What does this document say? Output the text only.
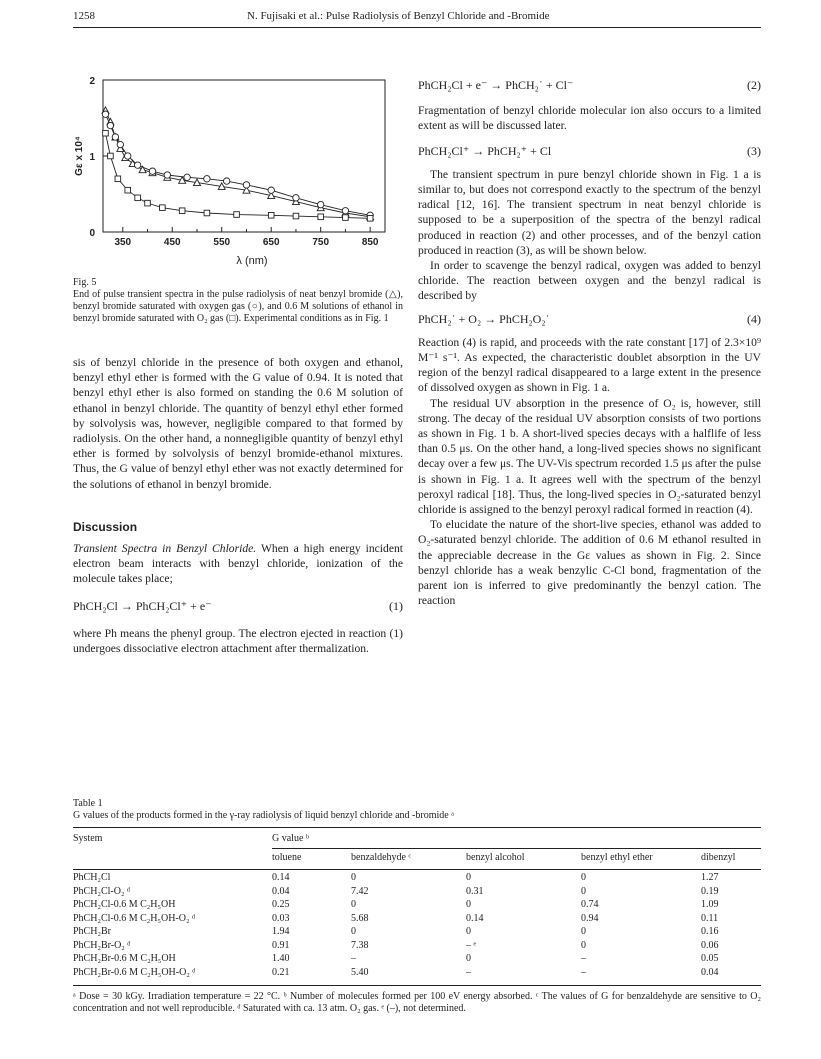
1258	N. Fujisaki et al.: Pulse Radiolysis of Benzyl Chloride and -Bromide
350	450	550	650	750	850
0
1
2
λ (nm)
Gε x 10⁴
Fig. 5
End of pulse transient spectra in the pulse radiolysis of neat benzyl bromide (△), benzyl bromide saturated with oxygen gas (○), and 0.6 M solutions of ethanol in benzyl bromide saturated with O₂ gas (□). Experimental conditions as in Fig. 1

sis of benzyl chloride in the presence of both oxygen and ethanol, benzyl ethyl ether is formed with the G value of 0.94. It is noted that benzyl ethyl ether is also formed on standing the 0.6 M solution of ethanol in benzyl chloride. The quantity of benzyl ethyl ether formed by solvolysis was, however, negligible compared to that formed by radiolysis. On the other hand, a nonnegligible quantity of benzyl ethyl ether is formed by solvolysis of benzyl bromide-ethanol mixtures. Thus, the G value of benzyl ethyl ether was not exactly determined for the solutions of ethanol in benzyl bromide.

Discussion

Transient Spectra in Benzyl Chloride. When a high energy incident electron beam interacts with benzyl chloride, ionization of the molecule takes place;

PhCH₂Cl → PhCH₂Cl⁺ + e⁻	(1)

where Ph means the phenyl group. The electron ejected in reaction (1) undergoes dissociative electron attachment after thermalization.

PhCH₂Cl + e⁻ → PhCH₂˙ + Cl⁻	(2)

Fragmentation of benzyl chloride molecular ion also occurs to a limited extent as will be discussed later.

PhCH₂Cl⁺ → PhCH₂⁺ + Cl	(3)

The transient spectrum in pure benzyl chloride shown in Fig. 1 a is similar to, but does not correspond exactly to the spectrum of the benzyl radical [12, 16]. The transient spectrum in neat benzyl chloride is supposed to be a superposition of the spectra of the benzyl radical produced in reaction (2) and other processes, and of the benzyl cation produced in reaction (3), as will be shown below.

In order to scavenge the benzyl radical, oxygen was added to benzyl chloride. The reaction between oxygen and the benzyl radical is described by

PhCH₂˙ + O₂ → PhCH₂O₂˙	(4)

Reaction (4) is rapid, and proceeds with the rate constant [17] of 2.3×10⁹ M⁻¹ s⁻¹. As expected, the characteristic doublet absorption in the UV region of the benzyl radical disappeared to a large extent in the presence of dissolved oxygen as shown in Fig. 1 a.

The residual UV absorption in the presence of O₂ is, however, still strong. The decay of the residual UV absorption consists of two portions as shown in Fig. 1 b. A short-lived species decays with a halflife of less than 0.5 μs. On the other hand, a long-lived species shows no significant decay over a few μs. The UV-Vis spectrum recorded 1.5 μs after the pulse is shown in Fig. 1 a. It agrees well with the spectrum of the benzyl peroxyl radical [18]. Thus, the long-lived species in O₂-saturated benzyl chloride is assigned to the benzyl peroxyl radical formed in reaction (4).

To elucidate the nature of the short-live species, ethanol was added to O₂-saturated benzyl chloride. The addition of 0.6 M ethanol resulted in the appreciable decrease in the Gε values as shown in Fig. 2. Since benzyl chloride has a weak benzylic C-Cl bond, fragmentation of the parent ion is inferred to give predominantly the benzyl cation. The reaction

Table 1
G values of the products formed in the γ-ray radiolysis of liquid benzyl chloride and -bromide ᵃ
System	G value ᵇ
	toluene	benzaldehyde ᶜ	benzyl alcohol	benzyl ethyl ether	dibenzyl
PhCH₂Cl	0.14	0	0	0	1.27
PhCH₂Cl-O₂ ᵈ	0.04	7.42	0.31	0	0.19
PhCH₂Cl-0.6 M C₂H₅OH	0.25	0	0	0.74	1.09
PhCH₂Cl-0.6 M C₂H₅OH-O₂ ᵈ	0.03	5.68	0.14	0.94	0.11
PhCH₂Br	1.94	0	0	0	0.16
PhCH₂Br-O₂ ᵈ	0.91	7.38	– ᵉ	0	0.06
PhCH₂Br-0.6 M C₂H₅OH	1.40	–	0	–	0.05
PhCH₂Br-0.6 M C₂H₅OH-O₂ ᵈ	0.21	5.40	–	–	0.04
ᵃ Dose = 30 kGy. Irradiation temperature = 22 °C. ᵇ Number of molecules formed per 100 eV energy absorbed. ᶜ The values of G for benzaldehyde are sensitive to O₂ concentration and not well reproducible. ᵈ Saturated with ca. 13 atm. O₂ gas. ᵉ (–), not determined.
